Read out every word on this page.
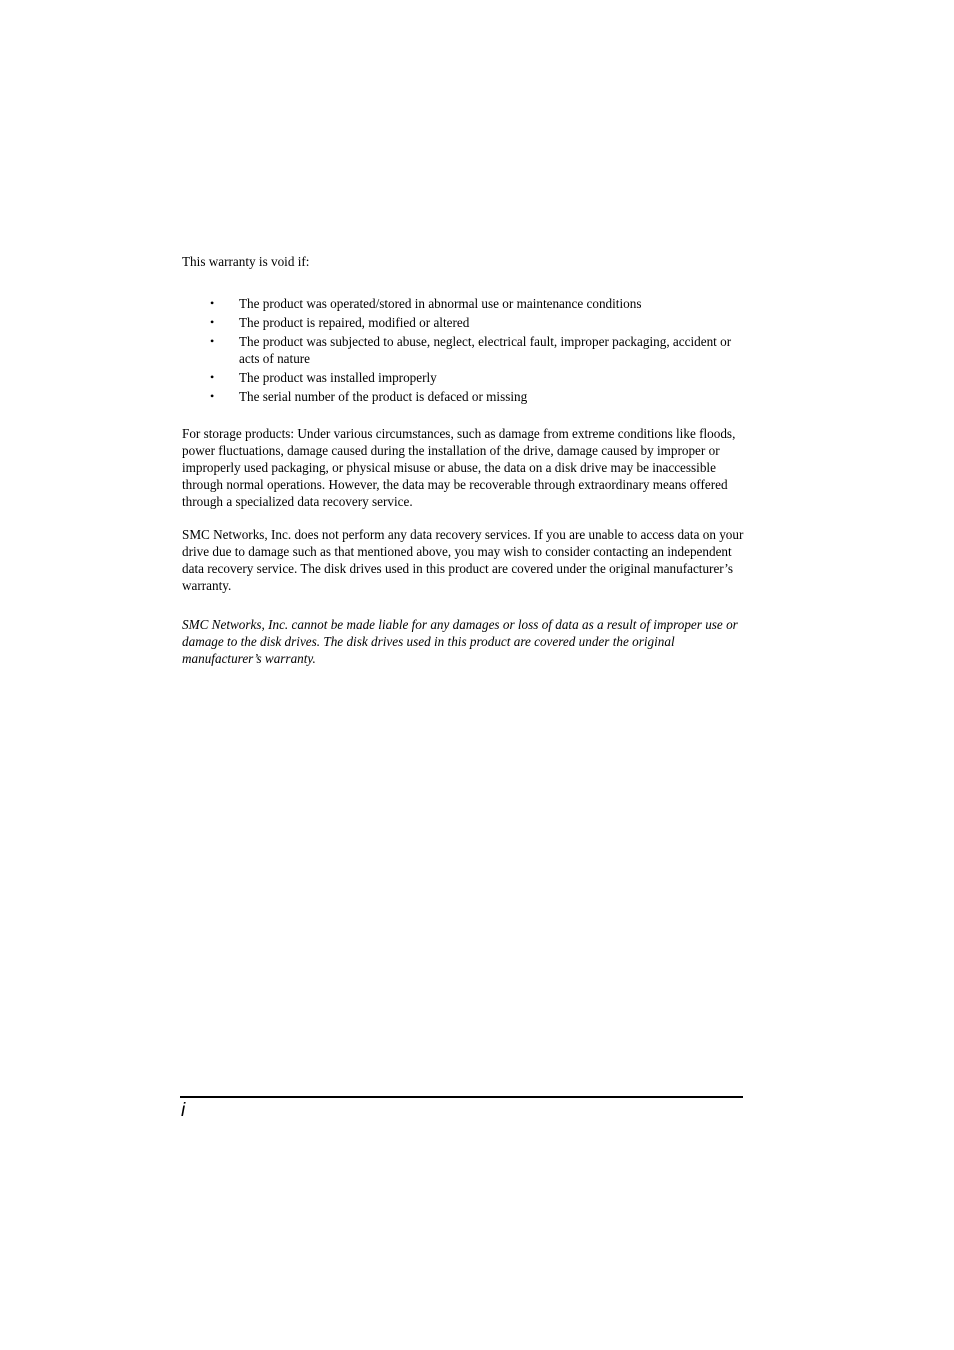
This warranty is void if:

• The product was operated/stored in abnormal use or maintenance conditions
• The product is repaired, modified or altered
• The product was subjected to abuse, neglect, electrical fault, improper packaging, accident or acts of nature
• The product was installed improperly
• The serial number of the product is defaced or missing

For storage products: Under various circumstances, such as damage from extreme conditions like floods, power fluctuations, damage caused during the installation of the drive, damage caused by improper or improperly used packaging, or physical misuse or abuse, the data on a disk drive may be inaccessible through normal operations. However, the data may be recoverable through extraordinary means offered through a specialized data recovery service.

SMC Networks, Inc. does not perform any data recovery services. If you are unable to access data on your drive due to damage such as that mentioned above, you may wish to consider contacting an independent data recovery service. The disk drives used in this product are covered under the original manufacturer’s warranty.

SMC Networks, Inc. cannot be made liable for any damages or loss of data as a result of improper use or damage to the disk drives. The disk drives used in this product are covered under the original manufacturer’s warranty.

i
